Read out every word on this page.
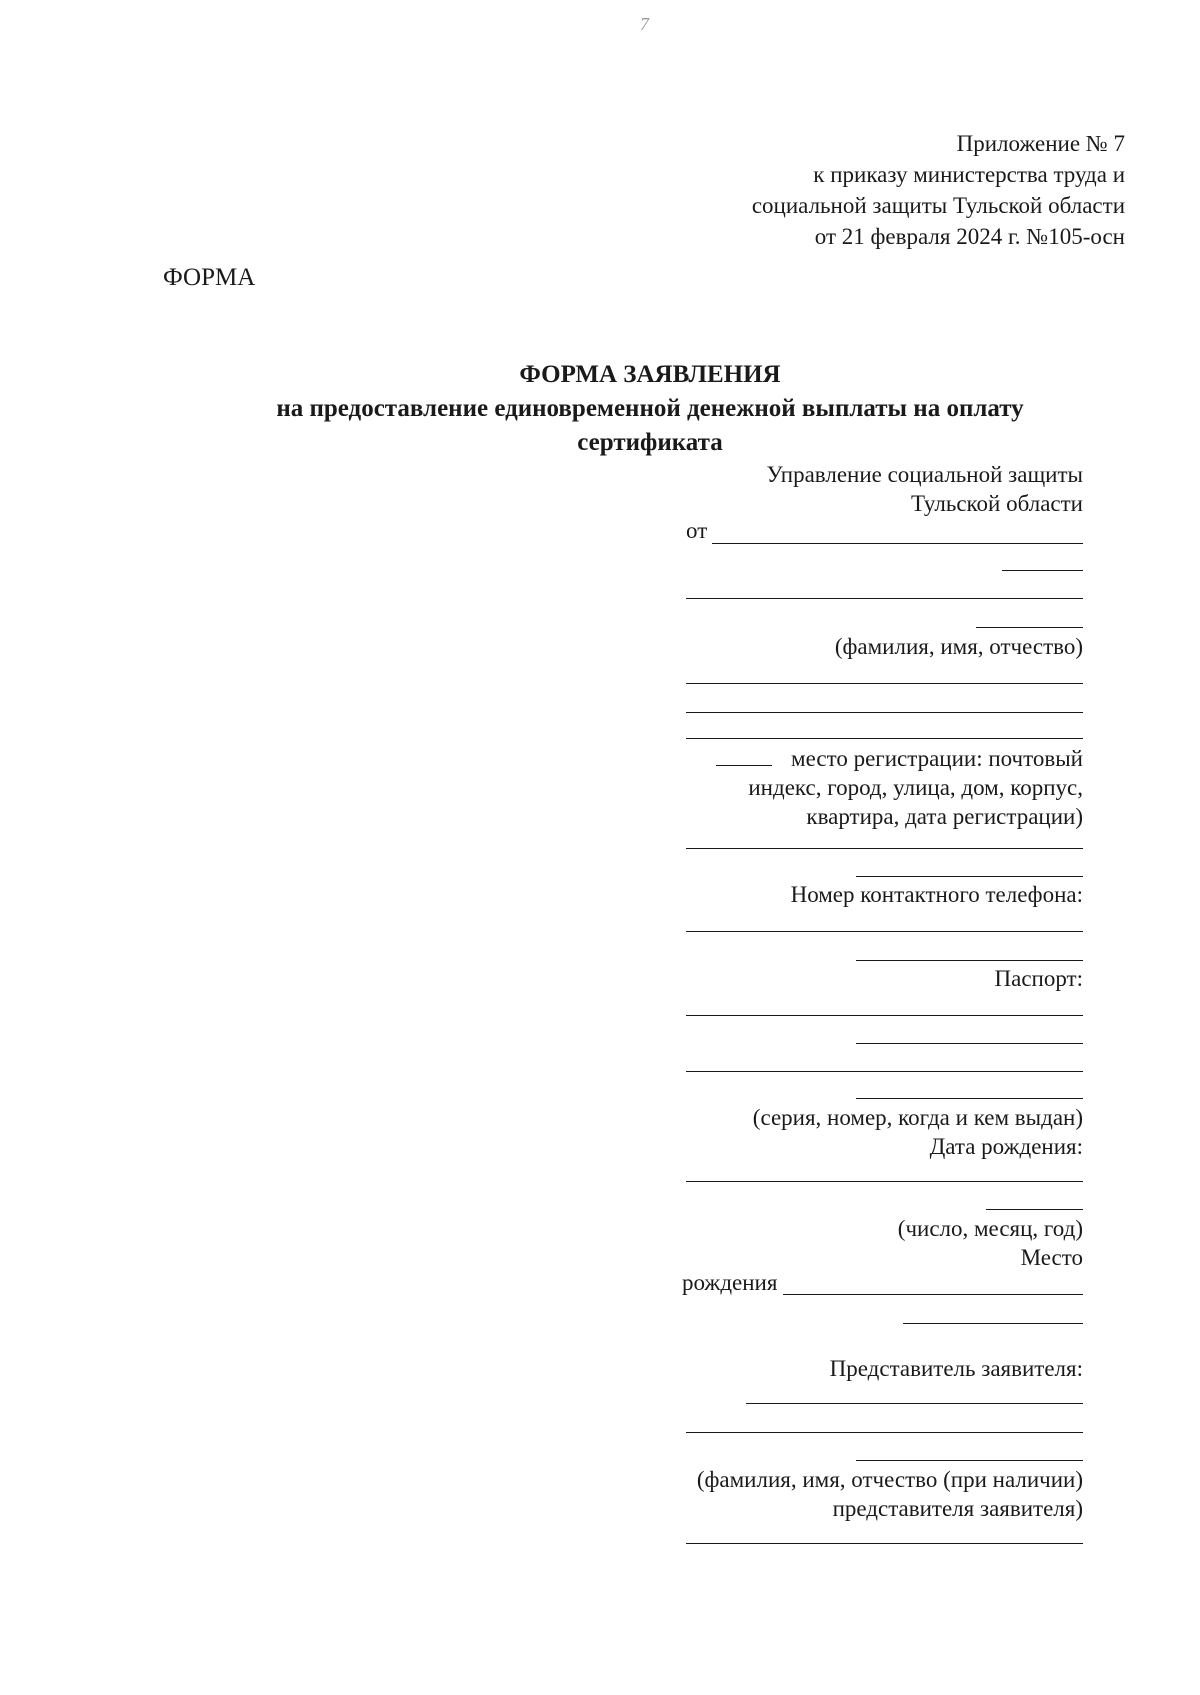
7
Приложение № 7
к приказу министерства труда и
социальной защиты Тульской области
от 21 февраля 2024 г. №105-осн
ФОРМА
ФОРМА ЗАЯВЛЕНИЯ
на предоставление единовременной денежной выплаты на оплату
сертификата
Управление социальной защиты
Тульской области
от
(фамилия, имя, отчество)
место регистрации: почтовый
индекс, город, улица, дом, корпус,
квартира, дата регистрации)
Номер контактного телефона:
Паспорт:
(серия, номер, когда и кем выдан)
Дата рождения:
(число, месяц, год)
Место
рождения
Представитель заявителя:
(фамилия, имя, отчество (при наличии)
представителя заявителя)
